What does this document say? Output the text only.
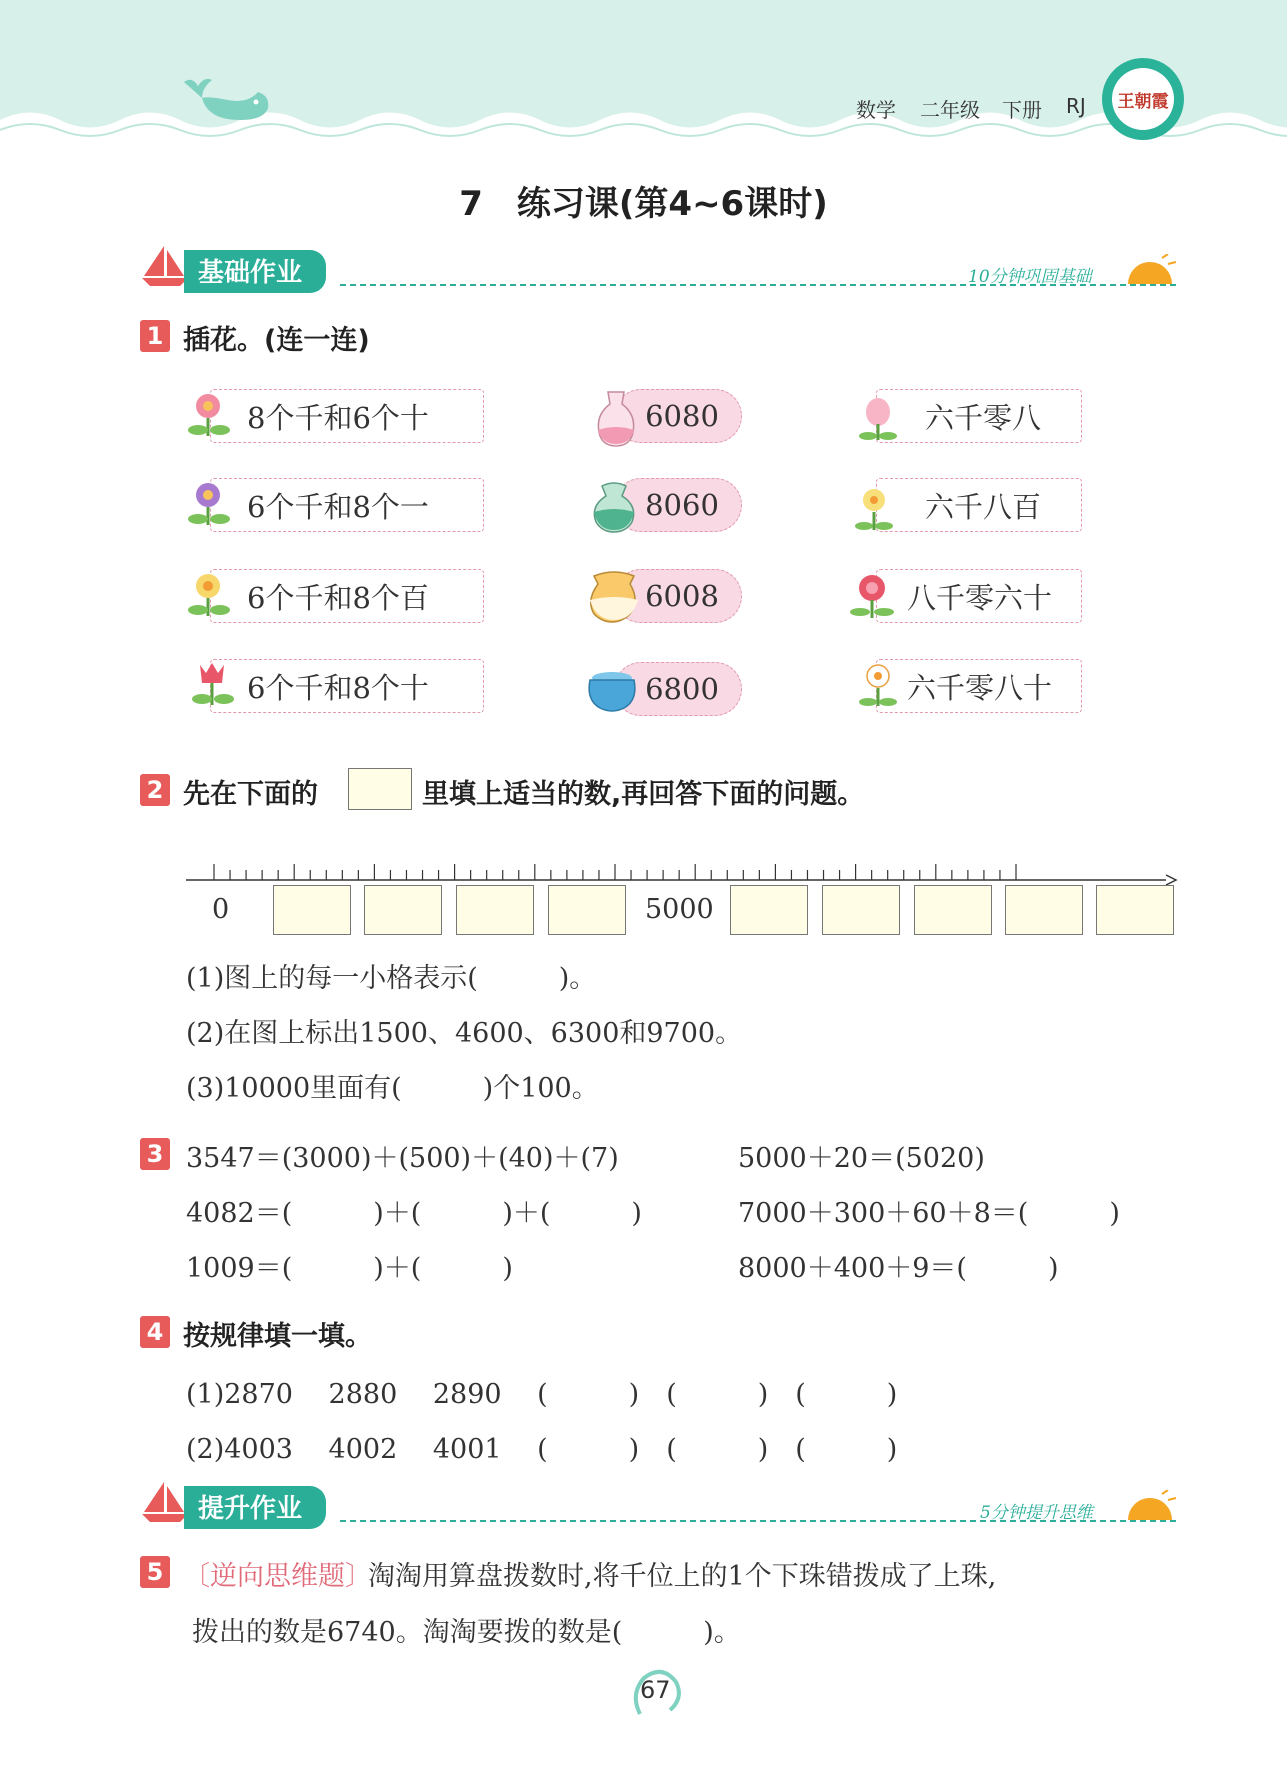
数学 二年级 下册 RJ	王朝霞
7　练习课(第4~6课时)
基础作业	10分钟巩固基础
1 插花。(连一连)
8个千和6个十
6个千和8个一
6个千和8个百
6个千和8个十
6080
8060
6008
6800
六千零八
六千八百
八千零六十
六千零八十
2 先在下面的	里填上适当的数,再回答下面的问题。
0	5000
(1)图上的每一小格表示(　　　)。
(2)在图上标出1500、4600、6300和9700。
(3)10000里面有(　　　)个100。
3 3547＝(3000)＋(500)＋(40)＋(7)
4082＝(　　　)＋(　　　)＋(　　　)
1009＝(　　　)＋(　　　)
5000＋20＝(5020)
7000＋300＋60＋8＝(　　　)
8000＋400＋9＝(　　　)
4 按规律填一填。
(1)2870　 2880　 2890　 (　　　)　(　　　)　(　　　)
(2)4003　 4002　 4001　 (　　　)　(　　　)　(　　　)
提升作业	5分钟提升思维
5 〔逆向思维题〕
淘淘用算盘拨数时,将千位上的1个下珠错拨成了上珠,
拨出的数是6740。淘淘要拨的数是(　　　)。
67
